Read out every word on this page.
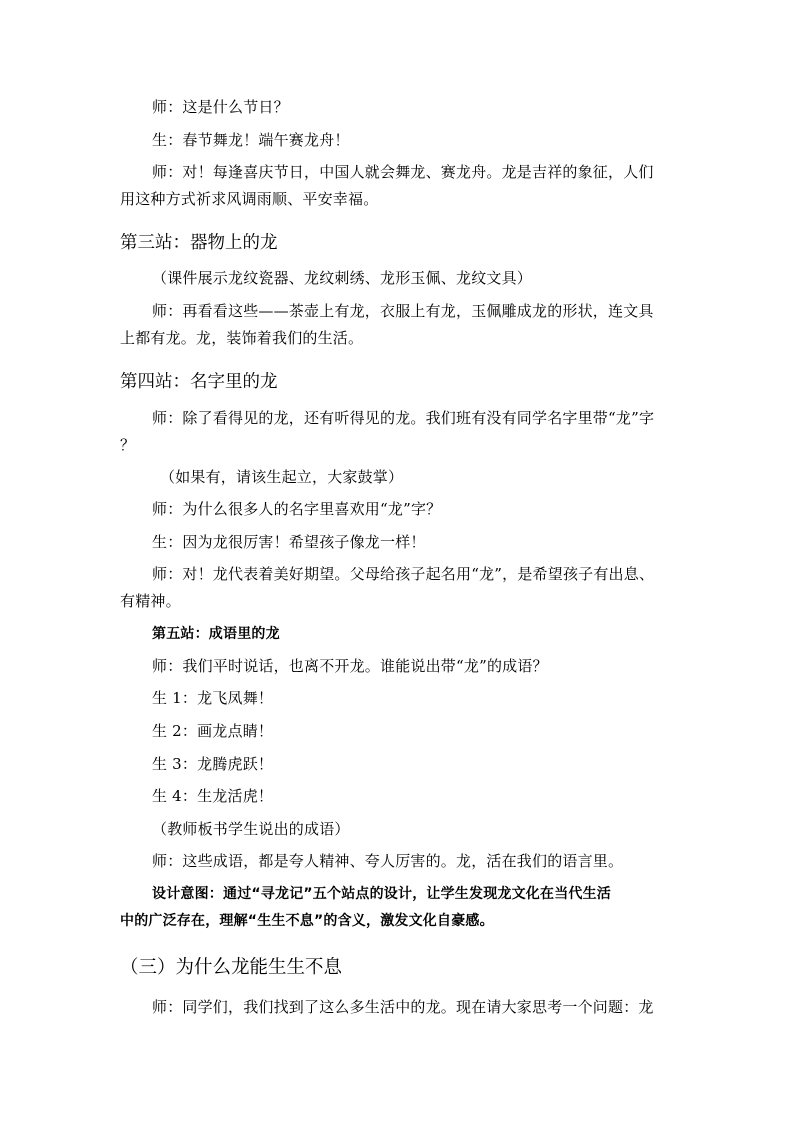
师：这是什么节日？
生：春节舞龙！端午赛龙舟！
师：对！每逢喜庆节日，中国人就会舞龙、赛龙舟。龙是吉祥的象征，人们
用这种方式祈求风调雨顺、平安幸福。
第三站：器物上的龙
（课件展示龙纹瓷器、龙纹刺绣、龙形玉佩、龙纹文具）
师：再看看这些——茶壶上有龙，衣服上有龙，玉佩雕成龙的形状，连文具
上都有龙。龙，装饰着我们的生活。
第四站：名字里的龙
师：除了看得见的龙，还有听得见的龙。我们班有没有同学名字里带“龙”字
？
（如果有，请该生起立，大家鼓掌）
师：为什么很多人的名字里喜欢用“龙”字？
生：因为龙很厉害！希望孩子像龙一样！
师：对！龙代表着美好期望。父母给孩子起名用“龙”，是希望孩子有出息、
有精神。
第五站：成语里的龙
师：我们平时说话，也离不开龙。谁能说出带“龙”的成语？
生 1：龙飞凤舞！
生 2：画龙点睛！
生 3：龙腾虎跃！
生 4：生龙活虎！
（教师板书学生说出的成语）
师：这些成语，都是夸人精神、夸人厉害的。龙，活在我们的语言里。
设计意图：通过“寻龙记”五个站点的设计，让学生发现龙文化在当代生活
中的广泛存在，理解“生生不息”的含义，激发文化自豪感。
（三）为什么龙能生生不息
师：同学们，我们找到了这么多生活中的龙。现在请大家思考一个问题：龙
